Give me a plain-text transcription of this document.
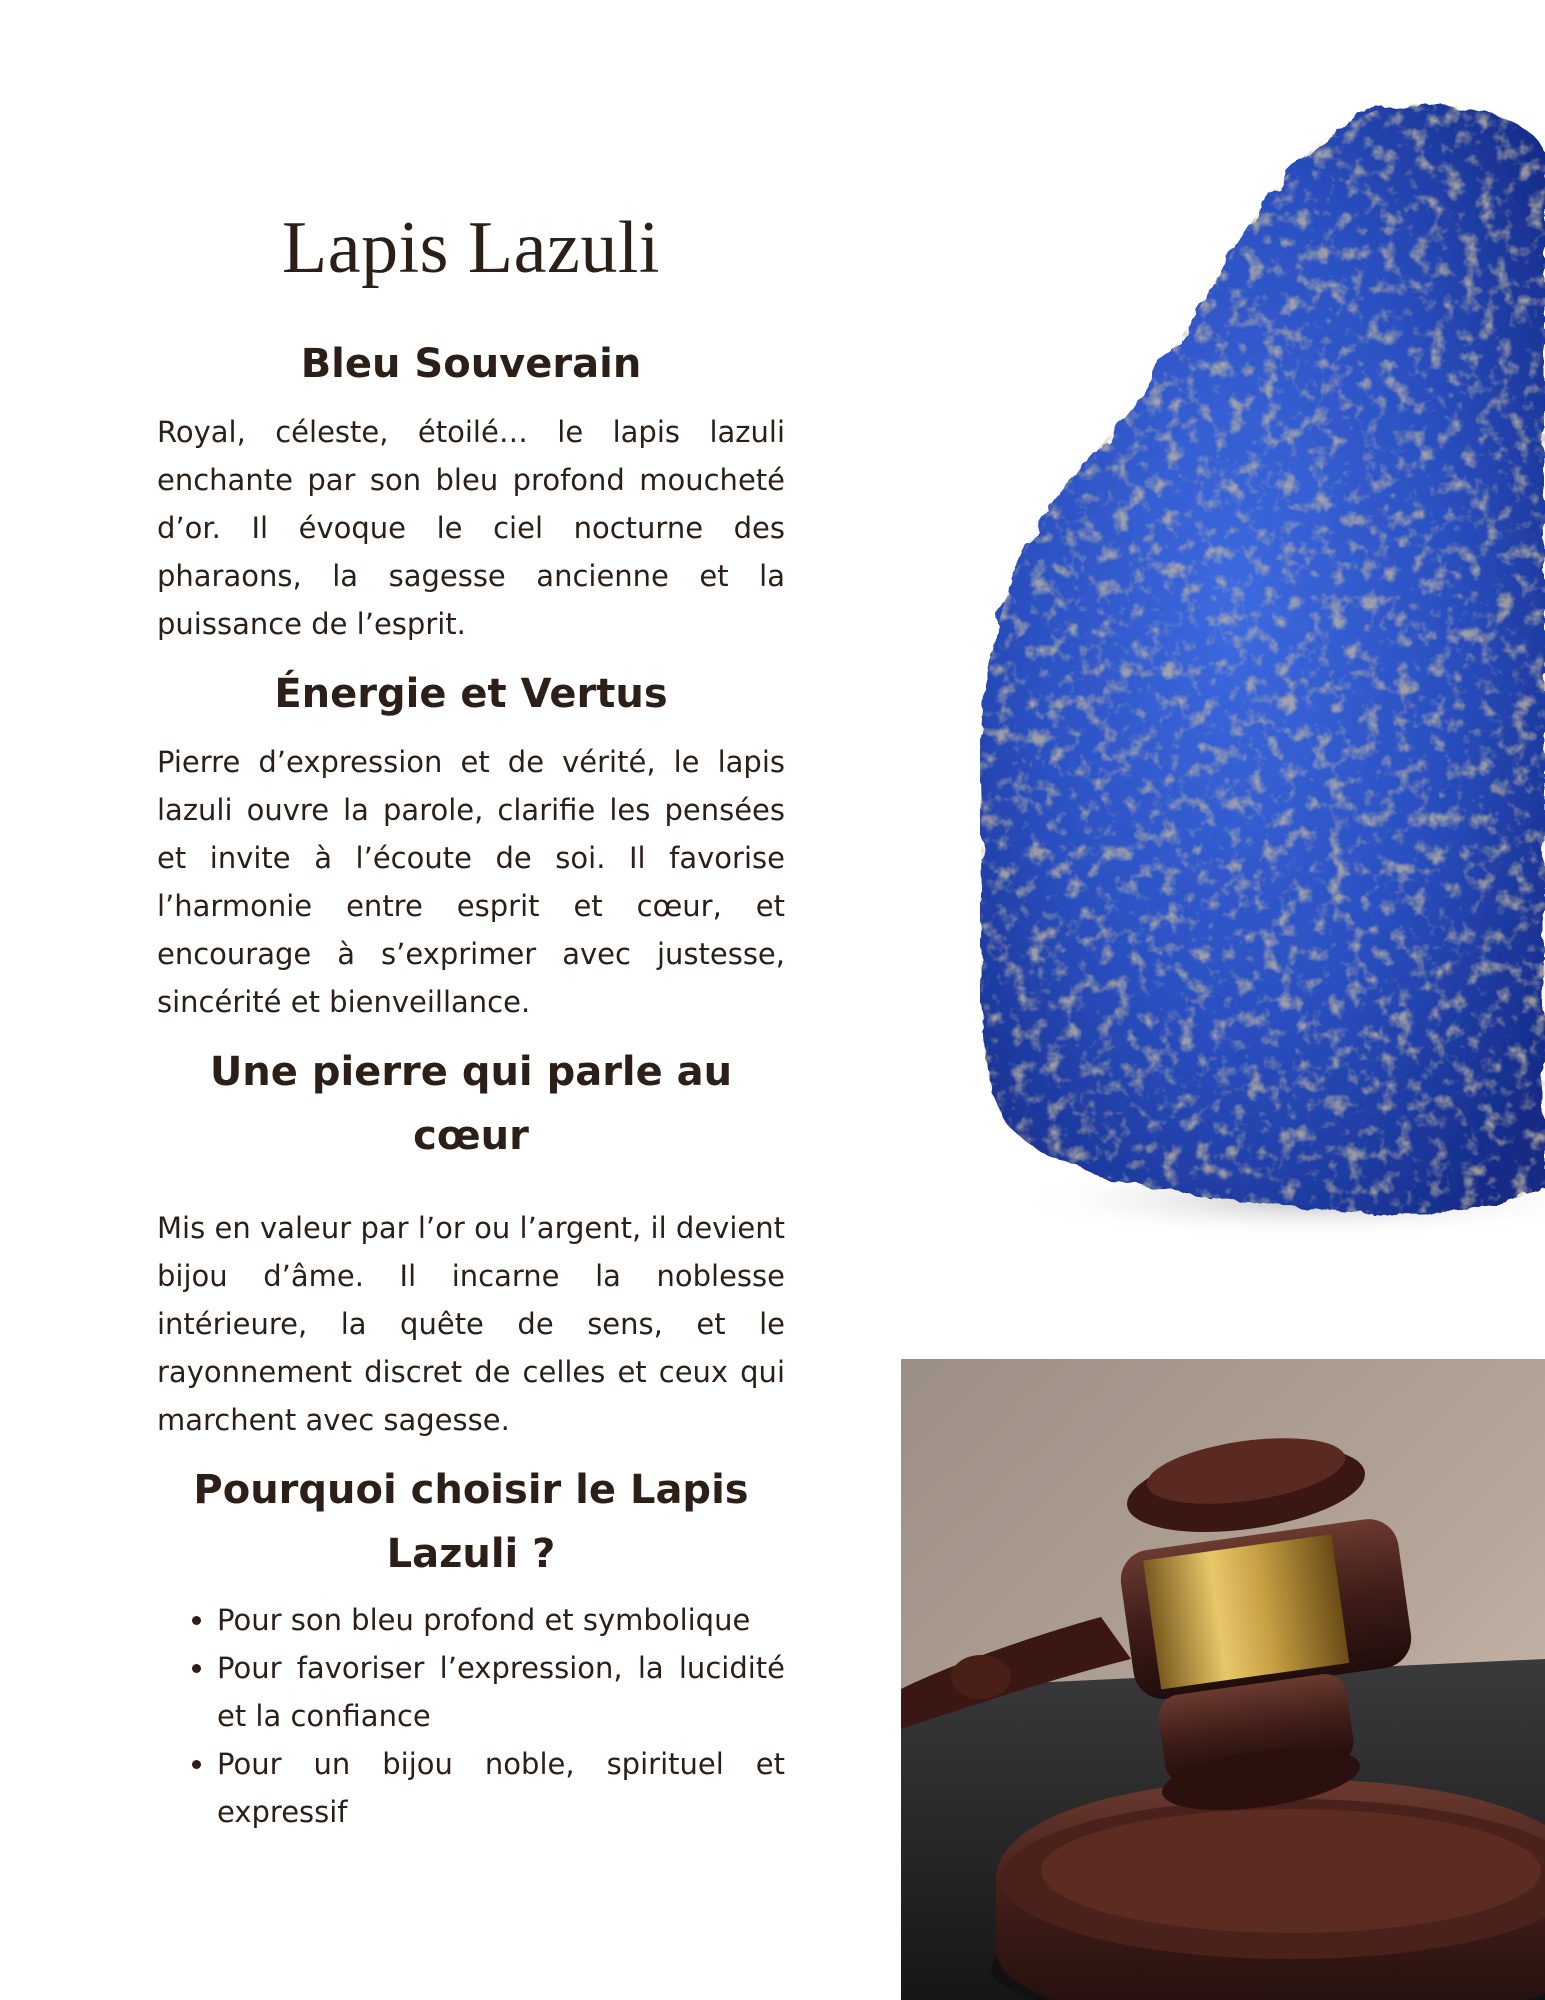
Lapis Lazuli
Bleu Souverain

Royal, céleste, étoilé… le lapis lazuli enchante par son bleu profond moucheté d’or. Il évoque le ciel nocturne des pharaons, la sagesse ancienne et la puissance de l’esprit.

Énergie et Vertus

Pierre d’expression et de vérité, le lapis lazuli ouvre la parole, clarifie les pensées et invite à l’écoute de soi. Il favorise l’harmonie entre esprit et cœur, et encourage à s’exprimer avec justesse, sincérité et bienveillance.

Une pierre qui parle au cœur

Mis en valeur par l’or ou l’argent, il devient bijou d’âme. Il incarne la noblesse intérieure, la quête de sens, et le rayonnement discret de celles et ceux qui marchent avec sagesse.

Pourquoi choisir le Lapis Lazuli ?
• Pour son bleu profond et symbolique
• Pour favoriser l’expression, la lucidité et la confiance
• Pour un bijou noble, spirituel et expressif
